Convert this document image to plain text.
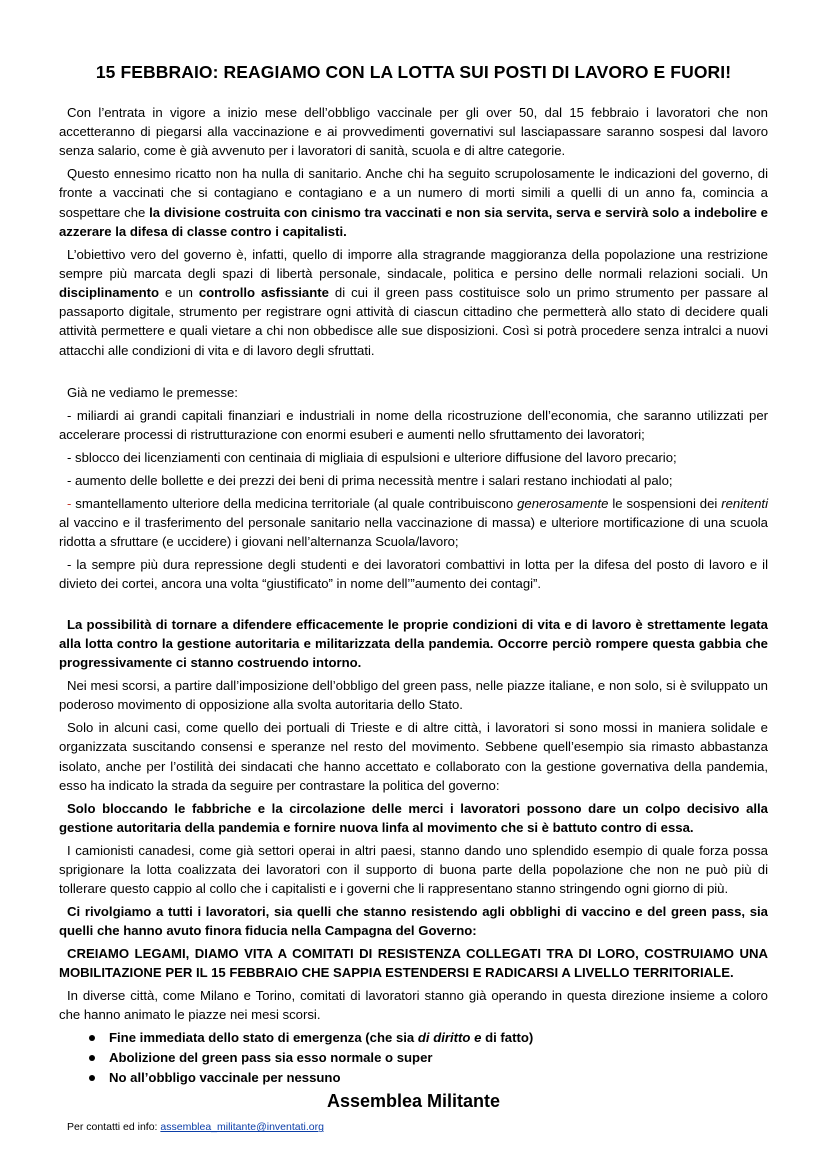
15 FEBBRAIO: REAGIAMO CON LA LOTTA SUI POSTI DI LAVORO E FUORI!

Con l’entrata in vigore a inizio mese dell’obbligo vaccinale per gli over 50, dal 15 febbraio i lavoratori che non accetteranno di piegarsi alla vaccinazione e ai provvedimenti governativi sul lasciapassare saranno sospesi dal lavoro senza salario, come è già avvenuto per i lavoratori di sanità, scuola e di altre categorie.

Questo ennesimo ricatto non ha nulla di sanitario. Anche chi ha seguito scrupolosamente le indicazioni del governo, di fronte a vaccinati che si contagiano e contagiano e a un numero di morti simili a quelli di un anno fa, comincia a sospettare che la divisione costruita con cinismo tra vaccinati e non sia servita, serva e servirà solo a indebolire e azzerare la difesa di classe contro i capitalisti.

L’obiettivo vero del governo è, infatti, quello di imporre alla stragrande maggioranza della popolazione una restrizione sempre più marcata degli spazi di libertà personale, sindacale, politica e persino delle normali relazioni sociali. Un disciplinamento e un controllo asfissiante di cui il green pass costituisce solo un primo strumento per passare al passaporto digitale, strumento per registrare ogni attività di ciascun cittadino che permetterà allo stato di decidere quali attività permettere e quali vietare a chi non obbedisce alle sue disposizioni. Così si potrà procedere senza intralci a nuovi attacchi alle condizioni di vita e di lavoro degli sfruttati.

Già ne vediamo le premesse:

- miliardi ai grandi capitali finanziari e industriali in nome della ricostruzione dell’economia, che saranno utilizzati per accelerare processi di ristrutturazione con enormi esuberi e aumenti nello sfruttamento dei lavoratori;

- sblocco dei licenziamenti con centinaia di migliaia di espulsioni e ulteriore diffusione del lavoro precario;

- aumento delle bollette e dei prezzi dei beni di prima necessità mentre i salari restano inchiodati al palo;

- smantellamento ulteriore della medicina territoriale (al quale contribuiscono generosamente le sospensioni dei renitenti al vaccino e il trasferimento del personale sanitario nella vaccinazione di massa) e ulteriore mortificazione di una scuola ridotta a sfruttare (e uccidere) i giovani nell’alternanza Scuola/lavoro;

- la sempre più dura repressione degli studenti e dei lavoratori combattivi in lotta per la difesa del posto di lavoro e il divieto dei cortei, ancora una volta “giustificato” in nome dell’”aumento dei contagi”.

La possibilità di tornare a difendere efficacemente le proprie condizioni di vita e di lavoro è strettamente legata alla lotta contro la gestione autoritaria e militarizzata della pandemia. Occorre perciò rompere questa gabbia che progressivamente ci stanno costruendo intorno.

Nei mesi scorsi, a partire dall’imposizione dell’obbligo del green pass, nelle piazze italiane, e non solo, si è sviluppato un poderoso movimento di opposizione alla svolta autoritaria dello Stato.

Solo in alcuni casi, come quello dei portuali di Trieste e di altre città, i lavoratori si sono mossi in maniera solidale e organizzata suscitando consensi e speranze nel resto del movimento. Sebbene quell’esempio sia rimasto abbastanza isolato, anche per l’ostilità dei sindacati che hanno accettato e collaborato con la gestione governativa della pandemia, esso ha indicato la strada da seguire per contrastare la politica del governo:

Solo bloccando le fabbriche e la circolazione delle merci i lavoratori possono dare un colpo decisivo alla gestione autoritaria della pandemia e fornire nuova linfa al movimento che si è battuto contro di essa.

I camionisti canadesi, come già settori operai in altri paesi, stanno dando uno splendido esempio di quale forza possa sprigionare la lotta coalizzata dei lavoratori con il supporto di buona parte della popolazione che non ne può più di tollerare questo cappio al collo che i capitalisti e i governi che li rappresentano stanno stringendo ogni giorno di più.

Ci rivolgiamo a tutti i lavoratori, sia quelli che stanno resistendo agli obblighi di vaccino e del green pass, sia quelli che hanno avuto finora fiducia nella Campagna del Governo:

CREIAMO LEGAMI, DIAMO VITA A COMITATI DI RESISTENZA COLLEGATI TRA DI LORO, COSTRUIAMO UNA MOBILITAZIONE PER IL 15 FEBBRAIO CHE SAPPIA ESTENDERSI E RADICARSI A LIVELLO TERRITORIALE.

In diverse città, come Milano e Torino, comitati di lavoratori stanno già operando in questa direzione insieme a coloro che hanno animato le piazze nei mesi scorsi.

Fine immediata dello stato di emergenza (che sia di diritto e di fatto)
Abolizione del green pass sia esso normale o super
No all’obbligo vaccinale per nessuno
Assemblea Militante

Per contatti ed info: assemblea_militante@inventati.org
